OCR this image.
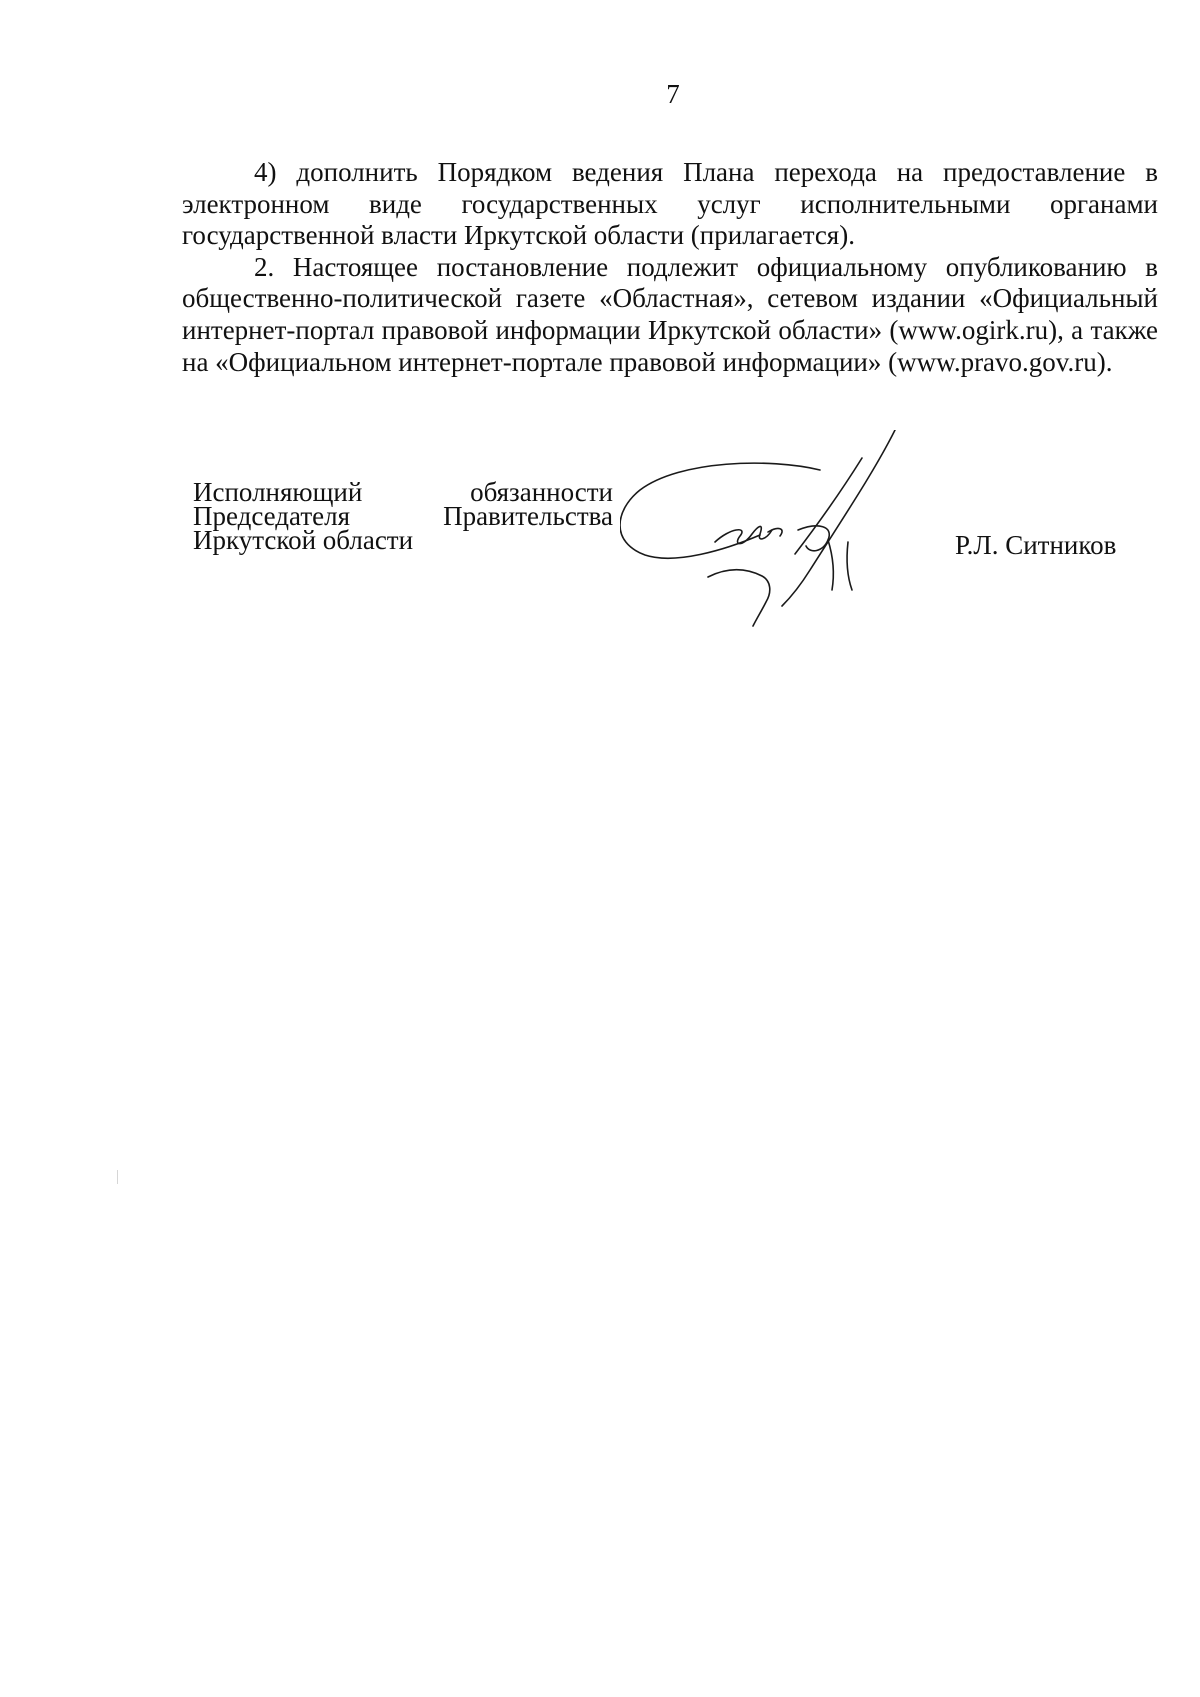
7

4) дополнить Порядком ведения Плана перехода на предоставление в электронном виде государственных услуг исполнительными органами государственной власти Иркутской области (прилагается).

2. Настоящее постановление подлежит официальному опубликованию в общественно-политической газете «Областная», сетевом издании «Официальный интернет-портал правовой информации Иркутской области» (www.ogirk.ru), а также на «Официальном интернет-портале правовой информации» (www.pravo.gov.ru).

Исполняющий	обязанности
Председателя	Правительства
Иркутской области	Р.Л. Ситников
